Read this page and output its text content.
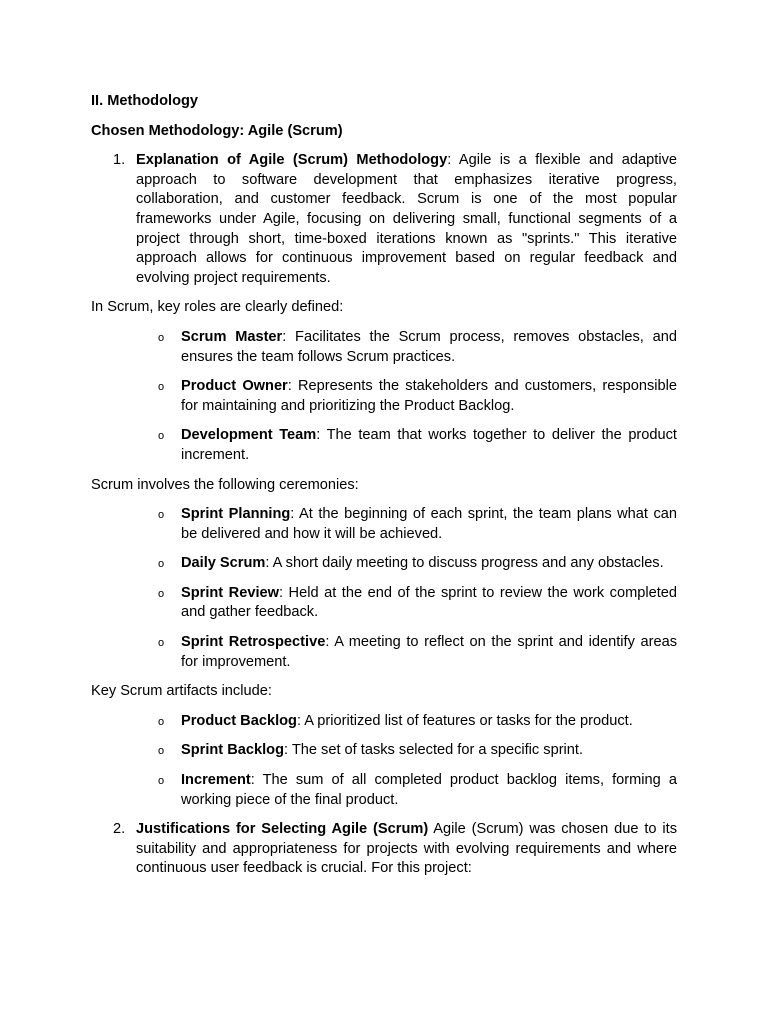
II. Methodology
Chosen Methodology: Agile (Scrum)
1. Explanation of Agile (Scrum) Methodology: Agile is a flexible and adaptive approach to software development that emphasizes iterative progress, collaboration, and customer feedback. Scrum is one of the most popular frameworks under Agile, focusing on delivering small, functional segments of a project through short, time-boxed iterations known as "sprints." This iterative approach allows for continuous improvement based on regular feedback and evolving project requirements.
In Scrum, key roles are clearly defined:
o Scrum Master: Facilitates the Scrum process, removes obstacles, and ensures the team follows Scrum practices.
o Product Owner: Represents the stakeholders and customers, responsible for maintaining and prioritizing the Product Backlog.
o Development Team: The team that works together to deliver the product increment.
Scrum involves the following ceremonies:
o Sprint Planning: At the beginning of each sprint, the team plans what can be delivered and how it will be achieved.
o Daily Scrum: A short daily meeting to discuss progress and any obstacles.
o Sprint Review: Held at the end of the sprint to review the work completed and gather feedback.
o Sprint Retrospective: A meeting to reflect on the sprint and identify areas for improvement.
Key Scrum artifacts include:
o Product Backlog: A prioritized list of features or tasks for the product.
o Sprint Backlog: The set of tasks selected for a specific sprint.
o Increment: The sum of all completed product backlog items, forming a working piece of the final product.
2. Justifications for Selecting Agile (Scrum) Agile (Scrum) was chosen due to its suitability and appropriateness for projects with evolving requirements and where continuous user feedback is crucial. For this project:
